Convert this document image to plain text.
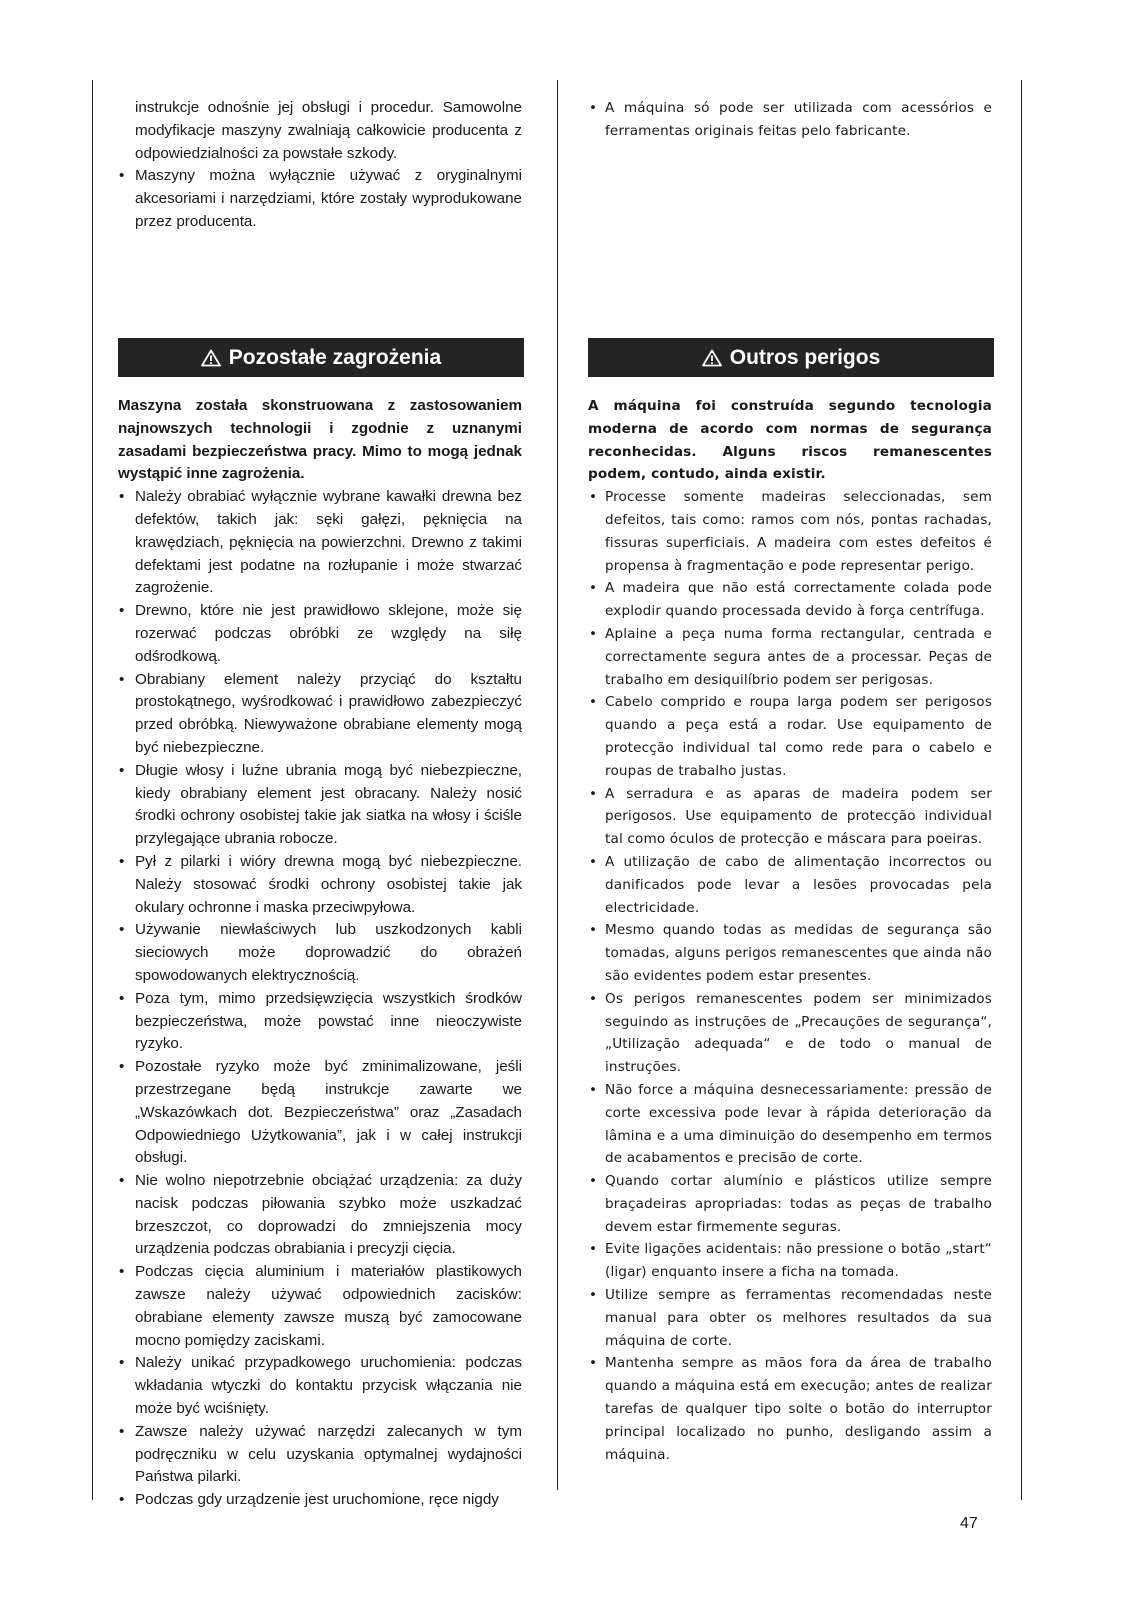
instrukcje odnośnie jej obsługi i procedur. Samowolne modyfikacje maszyny zwalniają całkowicie producenta z odpowiedzialności za powstałe szkody.

• Maszyny można wyłącznie używać z oryginalnymi akcesoriami i narzędziami, które zostały wyprodukowane przez producenta.
Pozostałe zagrożenia

Maszyna została skonstruowana z zastosowaniem najnowszych technologii i zgodnie z uznanymi zasadami bezpieczeństwa pracy. Mimo to mogą jednak wystąpić inne zagrożenia.

• Należy obrabiać wyłącznie wybrane kawałki drewna bez defektów, takich jak: sęki gałęzi, pęknięcia na krawędziach, pęknięcia na powierzchni. Drewno z takimi defektami jest podatne na rozłupanie i może stwarzać zagrożenie.
• Drewno, które nie jest prawidłowo sklejone, może się rozerwać podczas obróbki ze względy na siłę odśrodkową.
• Obrabiany element należy przyciąć do kształtu prostokątnego, wyśrodkować i prawidłowo zabezpieczyć przed obróbką. Niewyważone obrabiane elementy mogą być niebezpieczne.
• Długie włosy i luźne ubrania mogą być niebezpieczne, kiedy obrabiany element jest obracany. Należy nosić środki ochrony osobistej takie jak siatka na włosy i ściśle przylegające ubrania robocze.
• Pył z pilarki i wióry drewna mogą być niebezpieczne. Należy stosować środki ochrony osobistej takie jak okulary ochronne i maska przeciwpyłowa.
• Używanie niewłaściwych lub uszkodzonych kabli sieciowych może doprowadzić do obrażeń spowodowanych elektrycznością.
• Poza tym, mimo przedsięwzięcia wszystkich środków bezpieczeństwa, może powstać inne nieoczywiste ryzyko.
• Pozostałe ryzyko może być zminimalizowane, jeśli przestrzegane będą instrukcje zawarte we „Wskazówkach dot. Bezpieczeństwa” oraz „Zasadach Odpowiedniego Użytkowania”, jak i w całej instrukcji obsługi.
• Nie wolno niepotrzebnie obciążać urządzenia: za duży nacisk podczas piłowania szybko może uszkadzać brzeszczot, co doprowadzi do zmniejszenia mocy urządzenia podczas obrabiania i precyzji cięcia.
• Podczas cięcia aluminium i materiałów plastikowych zawsze należy używać odpowiednich zacisków: obrabiane elementy zawsze muszą być zamocowane mocno pomiędzy zaciskami.
• Należy unikać przypadkowego uruchomienia: podczas wkładania wtyczki do kontaktu przycisk włączania nie może być wciśnięty.
• Zawsze należy używać narzędzi zalecanych w tym podręczniku w celu uzyskania optymalnej wydajności Państwa pilarki.
• Podczas gdy urządzenie jest uruchomione, ręce nigdy
• A máquina só pode ser utilizada com acessórios e ferramentas originais feitas pelo fabricante.
Outros perigos

A máquina foi construída segundo tecnologia moderna de acordo com normas de segurança reconhecidas. Alguns riscos remanescentes podem, contudo, ainda existir.

• Processe somente madeiras seleccionadas, sem defeitos, tais como: ramos com nós, pontas rachadas, fissuras superficiais. A madeira com estes defeitos é propensa à fragmentação e pode representar perigo.
• A madeira que não está correctamente colada pode explodir quando processada devido à força centrífuga.
• Aplaine a peça numa forma rectangular, centrada e correctamente segura antes de a processar. Peças de trabalho em desiquilíbrio podem ser perigosas.
• Cabelo comprido e roupa larga podem ser perigosos quando a peça está a rodar. Use equipamento de protecção individual tal como rede para o cabelo e roupas de trabalho justas.
• A serradura e as aparas de madeira podem ser perigosos. Use equipamento de protecção individual tal como óculos de protecção e máscara para poeiras.
• A utilização de cabo de alimentação incorrectos ou danificados pode levar a lesões provocadas pela electricidade.
• Mesmo quando todas as medidas de segurança são tomadas, alguns perigos remanescentes que ainda não são evidentes podem estar presentes.
• Os perigos remanescentes podem ser minimizados seguindo as instruções de „Precauções de segurança“, „Utilização adequada“ e de todo o manual de instruções.
• Não force a máquina desnecessariamente: pressão de corte excessiva pode levar à rápida deterioração da lâmina e a uma diminuição do desempenho em termos de acabamentos e precisão de corte.
• Quando cortar alumínio e plásticos utilize sempre braçadeiras apropriadas: todas as peças de trabalho devem estar firmemente seguras.
• Evite ligações acidentais: não pressione o botão „start“ (ligar) enquanto insere a ficha na tomada.
• Utilize sempre as ferramentas recomendadas neste manual para obter os melhores resultados da sua máquina de corte.
• Mantenha sempre as mãos fora da área de trabalho quando a máquina está em execução; antes de realizar tarefas de qualquer tipo solte o botão do interruptor principal localizado no punho, desligando assim a máquina.
47
